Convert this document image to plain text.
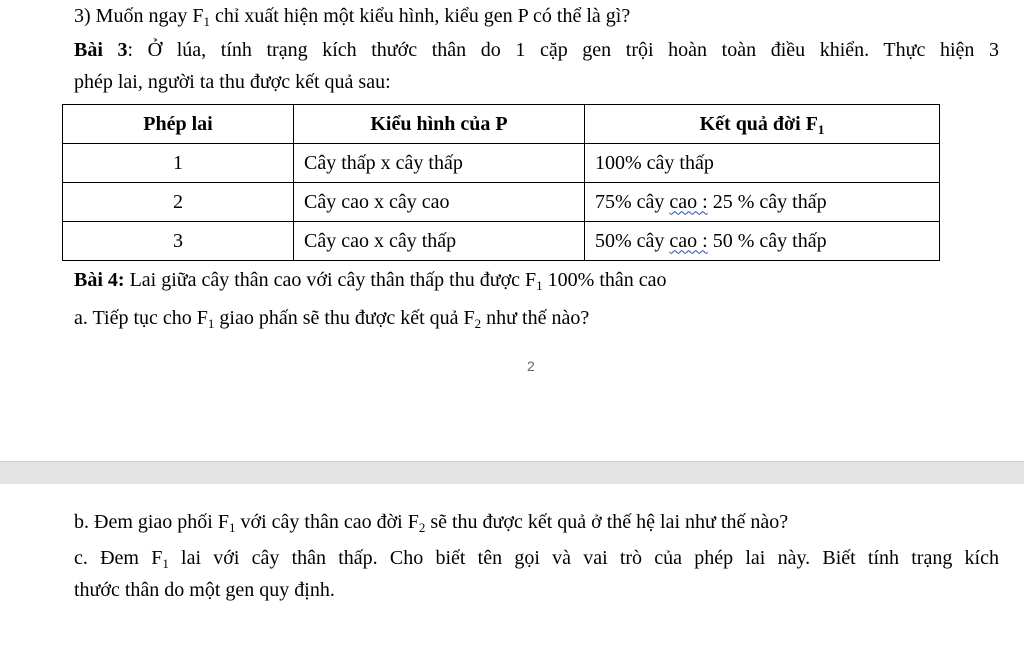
3) Muốn ngay $F_1$ chỉ xuất hiện một kiểu hình, kiểu gen P có thể là gì?
Bài 3: Ở lúa, tính trạng kích thước thân do 1 cặp gen trội hoàn toàn điều khiển. Thực hiện 3
phép lai, người ta thu được kết quả sau:
Phép lai	Kiểu hình của P	Kết quả đời $F_1$
1	Cây thấp x cây thấp	100% cây thấp
2	Cây cao x cây cao	75% cây cao : 25 % cây thấp
3	Cây cao x cây thấp	50% cây cao : 50 % cây thấp
Bài 4: Lai giữa cây thân cao với cây thân thấp thu được $F_1$ 100% thân cao
a. Tiếp tục cho $F_1$ giao phấn sẽ thu được kết quả $F_2$ như thế nào?
2
b. Đem giao phối $F_1$ với cây thân cao đời $F_2$ sẽ thu được kết quả ở thế hệ lai như thế nào?
c. Đem $F_1$ lai với cây thân thấp. Cho biết tên gọi và vai trò của phép lai này. Biết tính trạng kích
thước thân do một gen quy định.
